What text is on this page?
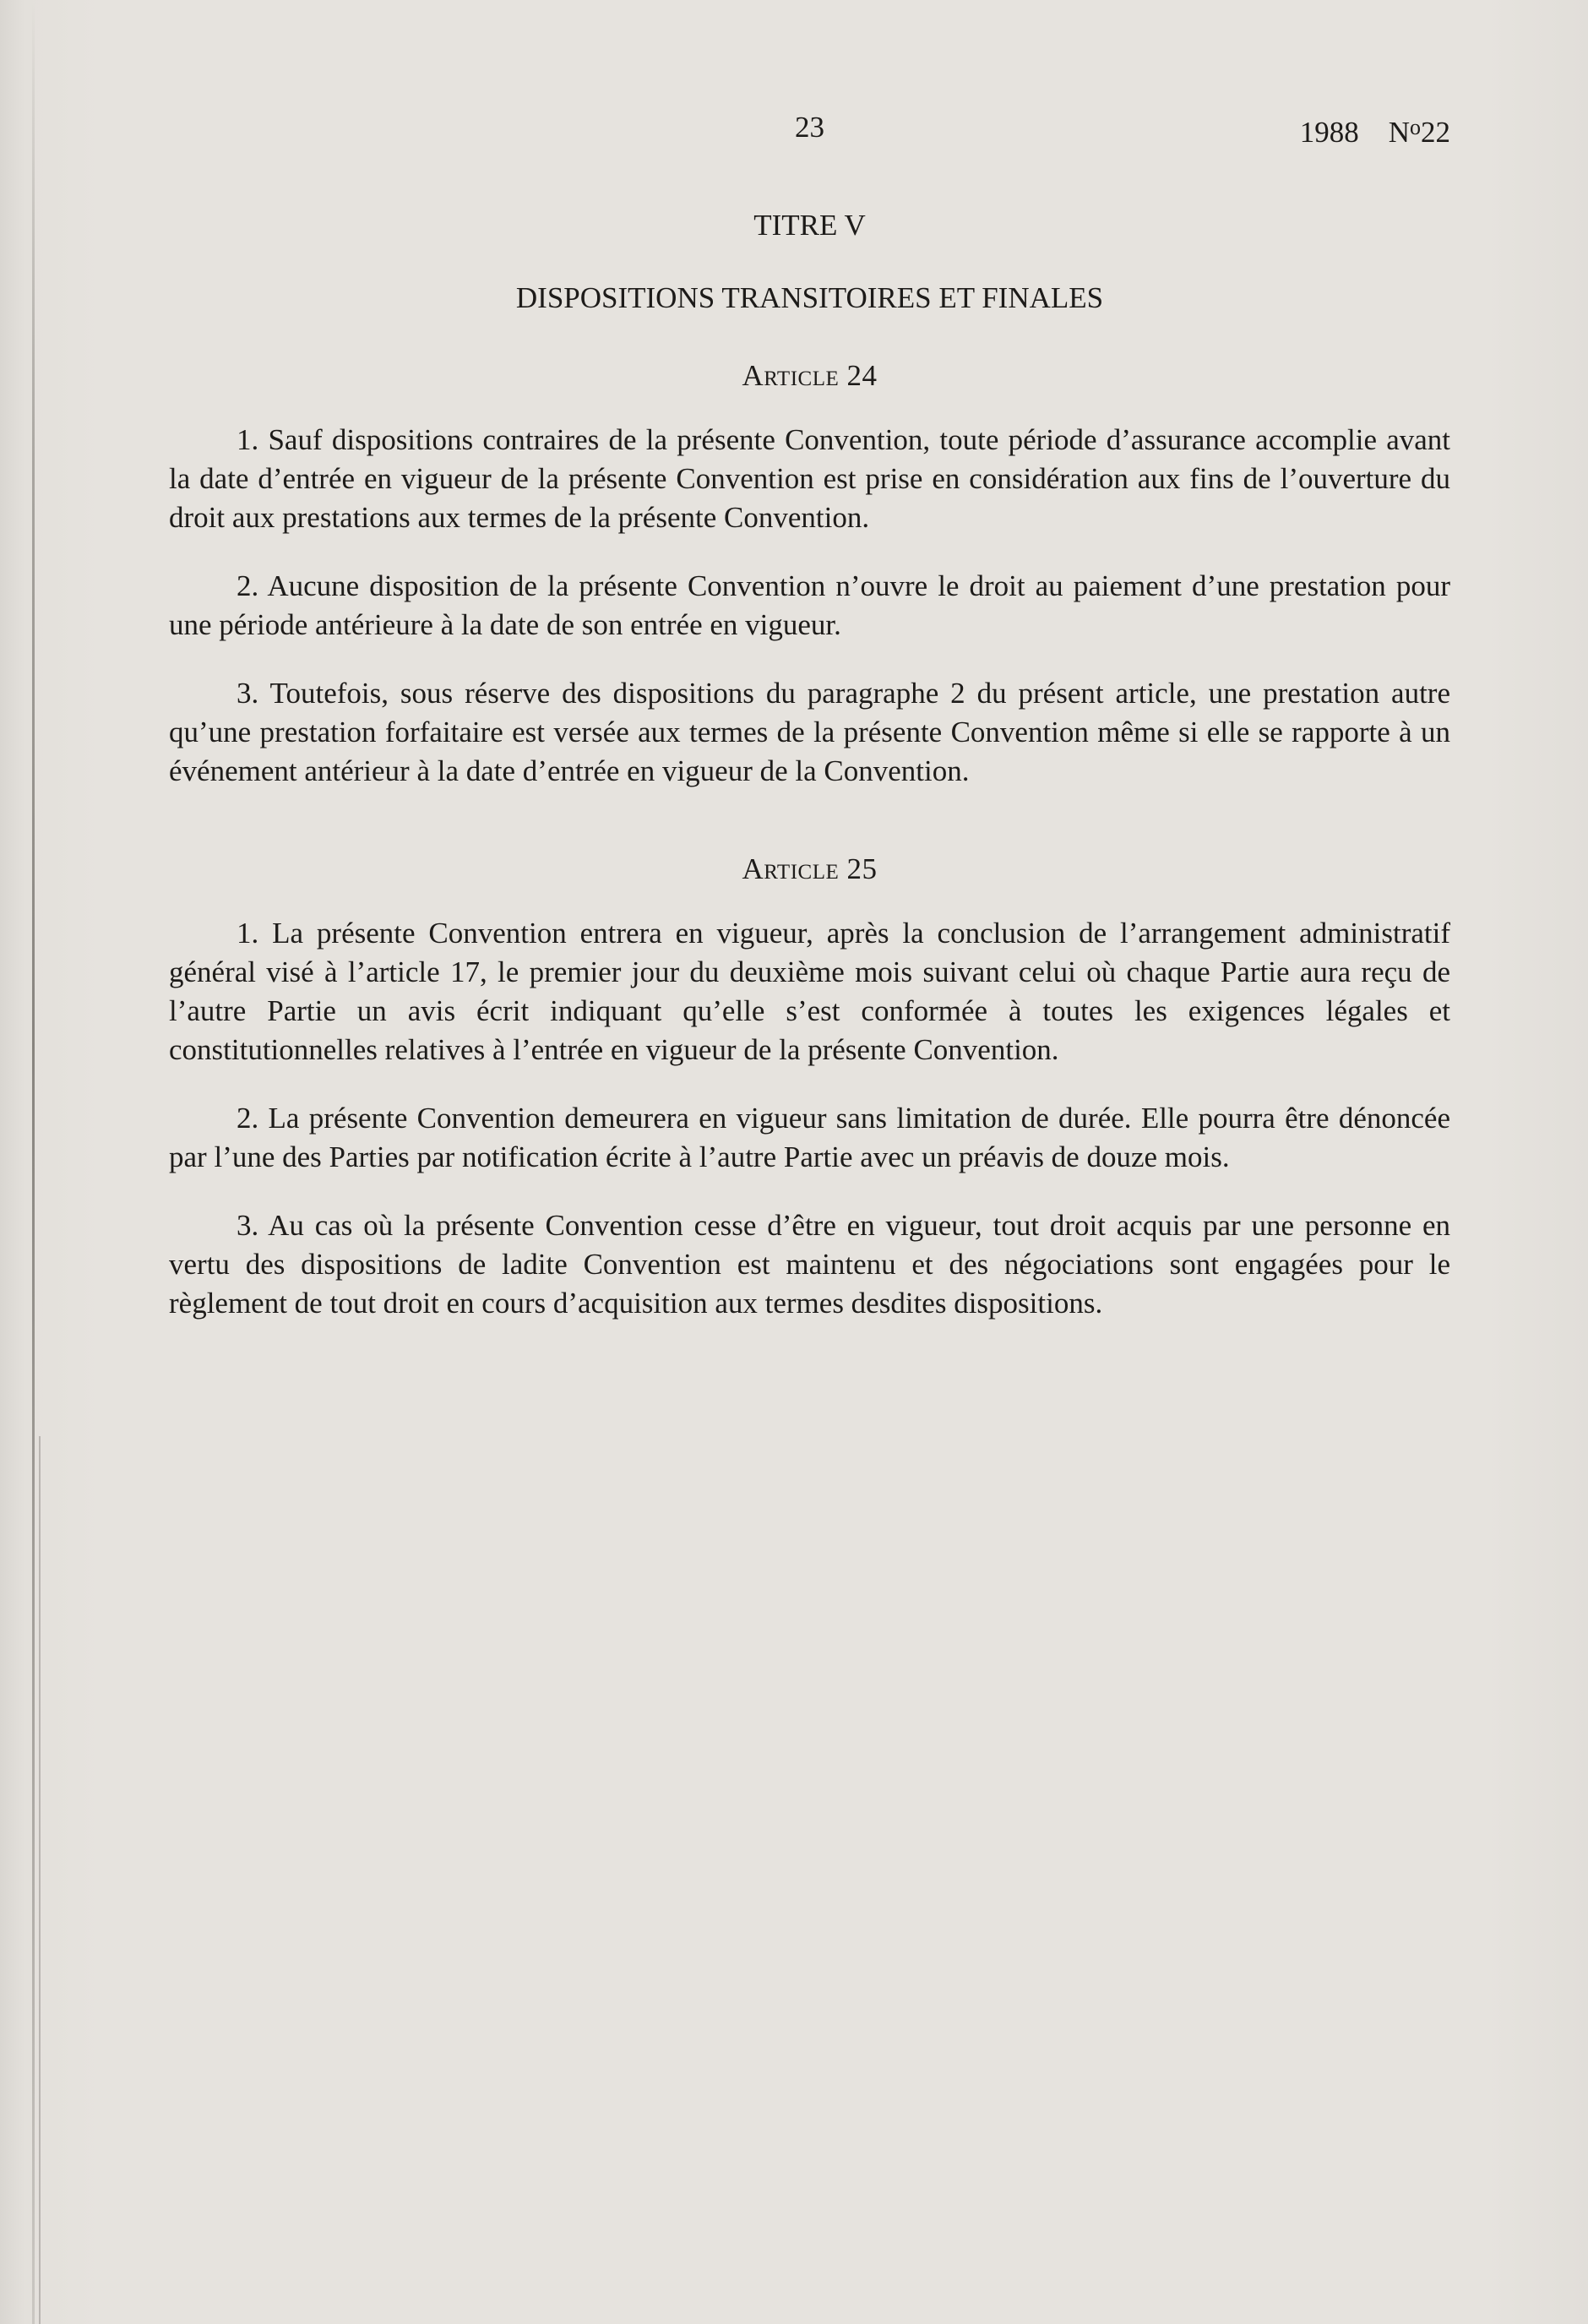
23	1988 $N^o22$
TITRE V
DISPOSITIONS TRANSITOIRES ET FINALES
Article 24

1. Sauf dispositions contraires de la présente Convention, toute période d’assurance accomplie avant la date d’entrée en vigueur de la présente Convention est prise en considération aux fins de l’ouverture du droit aux prestations aux termes de la présente Convention.

2. Aucune disposition de la présente Convention n’ouvre le droit au paiement d’une prestation pour une période antérieure à la date de son entrée en vigueur.

3. Toutefois, sous réserve des dispositions du paragraphe 2 du présent article, une prestation autre qu’une prestation forfaitaire est versée aux termes de la présente Convention même si elle se rapporte à un événement antérieur à la date d’entrée en vigueur de la Convention.

Article 25

1. La présente Convention entrera en vigueur, après la conclusion de l’arrangement administratif général visé à l’article 17, le premier jour du deuxième mois suivant celui où chaque Partie aura reçu de l’autre Partie un avis écrit indiquant qu’elle s’est conformée à toutes les exigences légales et constitutionnelles relatives à l’entrée en vigueur de la présente Convention.

2. La présente Convention demeurera en vigueur sans limitation de durée. Elle pourra être dénoncée par l’une des Parties par notification écrite à l’autre Partie avec un préavis de douze mois.

3. Au cas où la présente Convention cesse d’être en vigueur, tout droit acquis par une personne en vertu des dispositions de ladite Convention est maintenu et des négociations sont engagées pour le règlement de tout droit en cours d’acquisition aux termes desdites dispositions.
